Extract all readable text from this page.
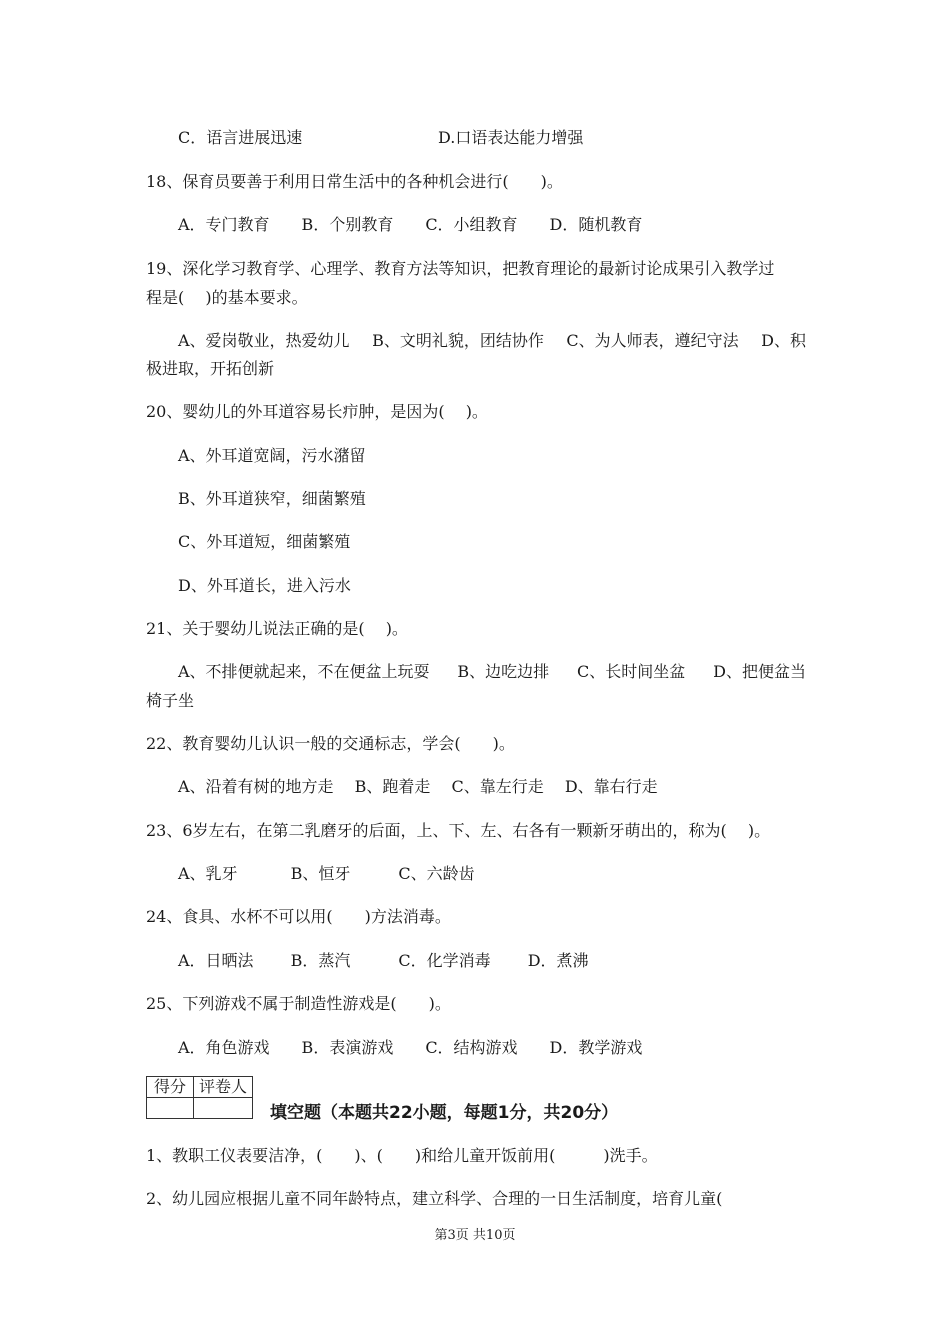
C．语言进展迅速	D.口语表达能力增强
18、保育员要善于利用日常生活中的各种机会进行(　　)。
A．专门教育　　B．个别教育　　C．小组教育　　D．随机教育
19、深化学习教育学、心理学、教育方法等知识，把教育理论的最新讨论成果引入教学过
程是(　 )的基本要求。
A、爱岗敬业，热爱幼儿 B、文明礼貌，团结协作 C、为人师表，遵纪守法 D、积
极进取，开拓创新
20、婴幼儿的外耳道容易长疖肿，是因为(　 )。
A、外耳道宽阔，污水潴留
B、外耳道狭窄，细菌繁殖
C、外耳道短，细菌繁殖
D、外耳道长，进入污水
21、关于婴幼儿说法正确的是(　 )。
A、不排便就起来，不在便盆上玩耍 B、边吃边排 C、长时间坐盆 D、把便盆当
椅子坐
22、教育婴幼儿认识一般的交通标志，学会(　　)。
A、沿着有树的地方走　 B、跑着走　 C、靠左行走　 D、靠右行走
23、6岁左右，在第二乳磨牙的后面，上、下、左、右各有一颗新牙萌出的，称为(　 )。
A、乳牙　　　 B、恒牙　　　C、六龄齿
24、食具、水杯不可以用(　　)方法消毒。
A．日晒法　　 B．蒸汽　　　C．化学消毒　　 D．煮沸
25、下列游戏不属于制造性游戏是(　　)。
A．角色游戏　　B．表演游戏　　C．结构游戏　　D．教学游戏
得分	评卷人

填空题（本题共22小题，每题1分，共20分）
1、教职工仪表要洁净，(　　)、(　　)和给儿童开饭前用(　　　)洗手。
2、幼儿园应根据儿童不同年龄特点，建立科学、合理的一日生活制度，培育儿童(
第3页 共10页
